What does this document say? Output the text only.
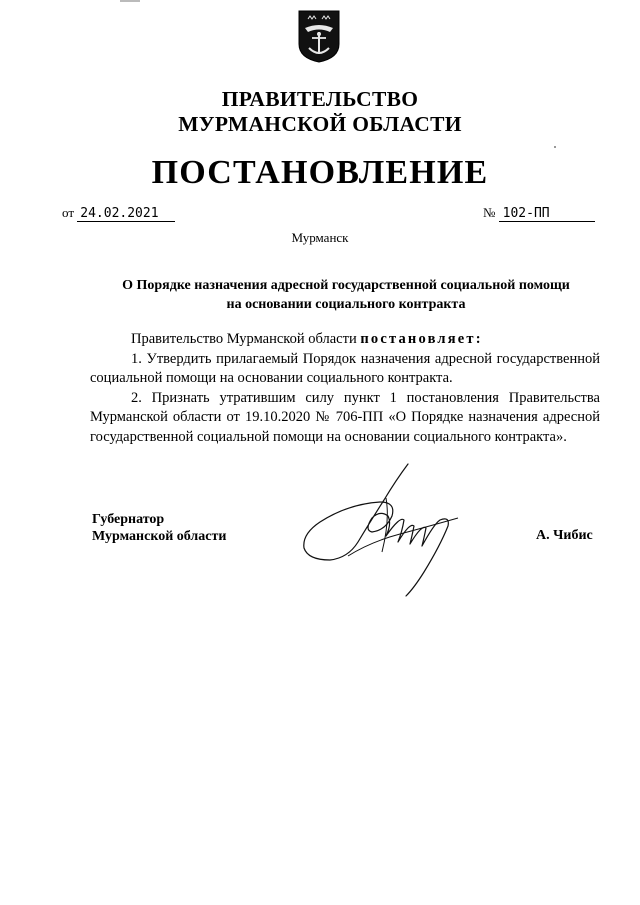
ПРАВИТЕЛЬСТВО
МУРМАНСКОЙ ОБЛАСТИ
ПОСТАНОВЛЕНИЕ
от 24.02.2021	№ 102-ПП
Мурманск
О Порядке назначения адресной государственной социальной помощи
на основании социального контракта

Правительство Мурманской области постановляет:

1. Утвердить прилагаемый Порядок назначения адресной государственной социальной помощи на основании социального контракта.

2. Признать утратившим силу пункт 1 постановления Правительства Мурманской области от 19.10.2020 № 706-ПП «О Порядке назначения адресной государственной социальной помощи на основании социального контракта».

Губернатор
Мурманской области	А. Чибис
